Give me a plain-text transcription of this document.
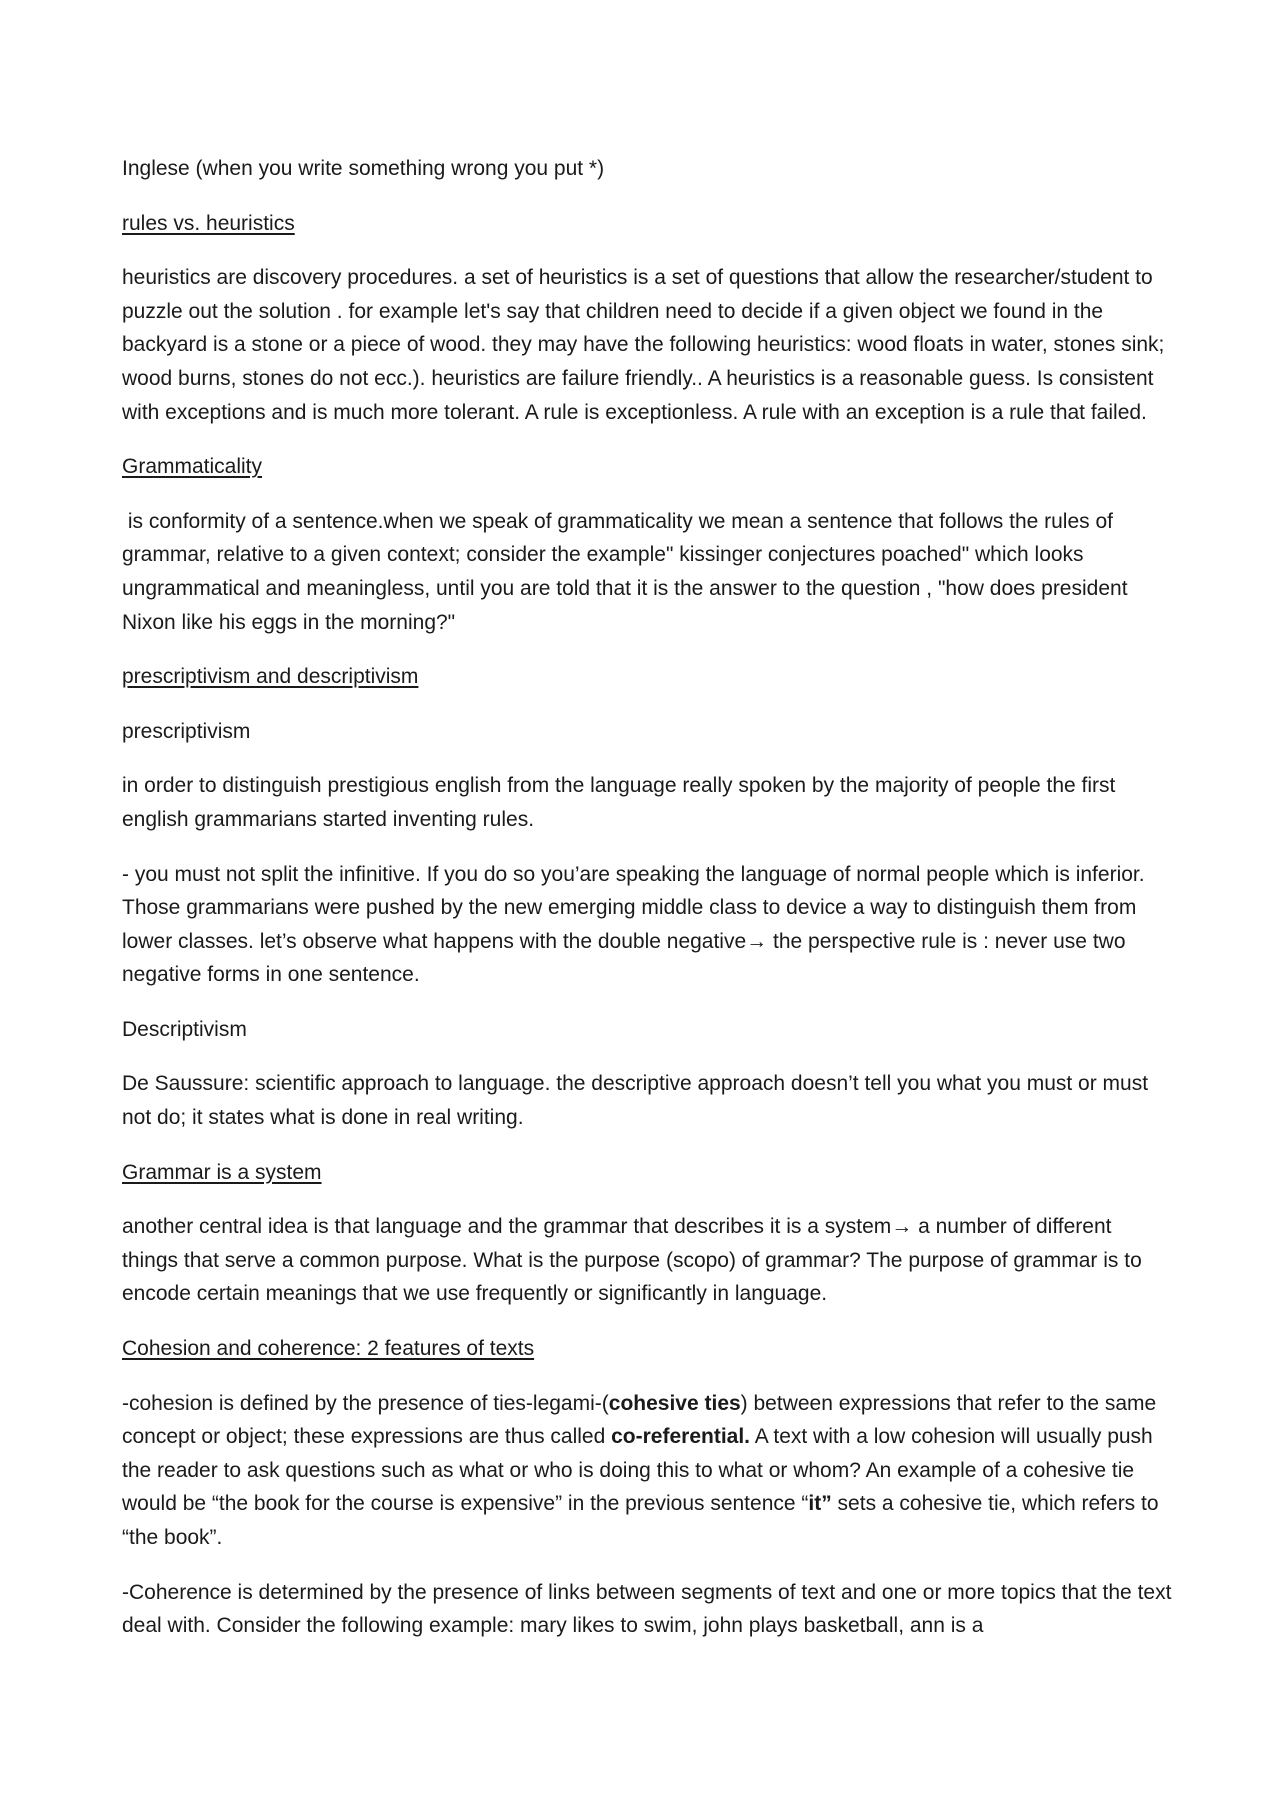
Inglese (when you write something wrong you put *)

rules vs. heuristics

heuristics are discovery procedures. a set of heuristics is a set of questions that allow the researcher/student to puzzle out the solution . for example let's say that children need to decide if a given object we found in the backyard is a stone or a piece of wood. they may have the following heuristics: wood floats in water, stones sink; wood burns, stones do not ecc.). heuristics are failure friendly.. A heuristics is a reasonable guess. Is consistent with exceptions and is much more tolerant. A rule is exceptionless. A rule with an exception is a rule that failed.

Grammaticality

is conformity of a sentence.when we speak of grammaticality we mean a sentence that follows the rules of grammar, relative to a given context; consider the example" kissinger conjectures poached" which looks ungrammatical and meaningless, until you are told that it is the answer to the question , "how does president Nixon like his eggs in the morning?"

prescriptivism and descriptivism

prescriptivism

in order to distinguish prestigious english from the language really spoken by the majority of people the first english grammarians started inventing rules.

- you must not split the infinitive. If you do so you’are speaking the language of normal people which is inferior. Those grammarians were pushed by the new emerging middle class to device a way to distinguish them from lower classes. let’s observe what happens with the double negative→ the perspective rule is : never use two negative forms in one sentence.

Descriptivism

De Saussure: scientific approach to language. the descriptive approach doesn’t tell you what you must or must not do; it states what is done in real writing.

Grammar is a system

another central idea is that language and the grammar that describes it is a system→ a number of different things that serve a common purpose. What is the purpose (scopo) of grammar? The purpose of grammar is to encode certain meanings that we use frequently or significantly in language.

Cohesion and coherence: 2 features of texts

-cohesion is defined by the presence of ties-legami-(cohesive ties) between expressions that refer to the same concept or object; these expressions are thus called co-referential. A text with a low cohesion will usually push the reader to ask questions such as what or who is doing this to what or whom? An example of a cohesive tie would be “the book for the course is expensive” in the previous sentence “it” sets a cohesive tie, which refers to “the book”.

-Coherence is determined by the presence of links between segments of text and one or more topics that the text deal with. Consider the following example: mary likes to swim, john plays basketball, ann is a
